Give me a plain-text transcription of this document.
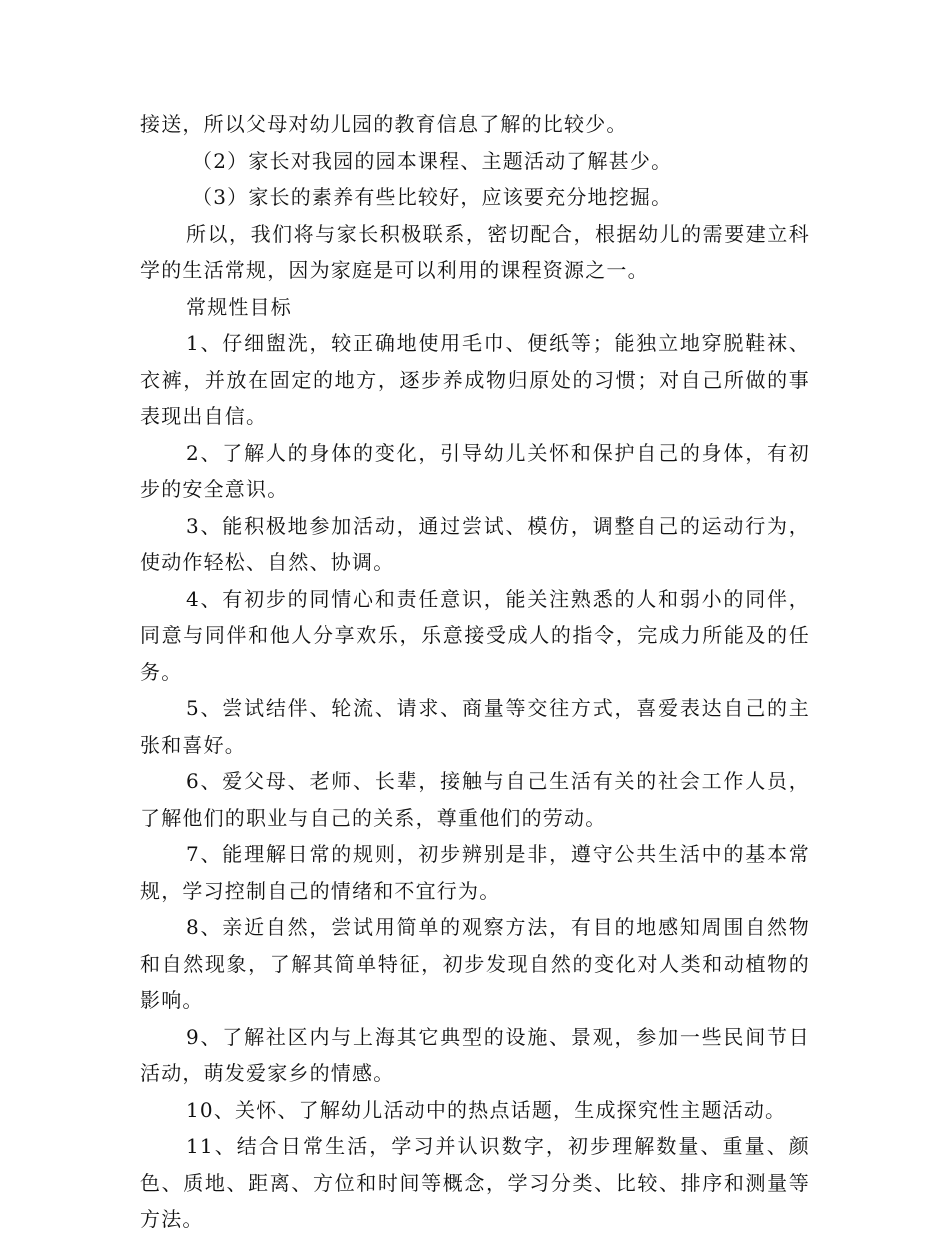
接送，所以父母对幼儿园的教育信息了解的比较少。

（2）家长对我园的园本课程、主题活动了解甚少。

（3）家长的素养有些比较好，应该要充分地挖掘。

所以，我们将与家长积极联系，密切配合，根据幼儿的需要建立科学的生活常规，因为家庭是可以利用的课程资源之一。

常规性目标

1、仔细盥洗，较正确地使用毛巾、便纸等；能独立地穿脱鞋袜、衣裤，并放在固定的地方，逐步养成物归原处的习惯；对自己所做的事表现出自信。

2、了解人的身体的变化，引导幼儿关怀和保护自己的身体，有初步的安全意识。

3、能积极地参加活动，通过尝试、模仿，调整自己的运动行为，使动作轻松、自然、协调。

4、有初步的同情心和责任意识，能关注熟悉的人和弱小的同伴，同意与同伴和他人分享欢乐，乐意接受成人的指令，完成力所能及的任务。

5、尝试结伴、轮流、请求、商量等交往方式，喜爱表达自己的主张和喜好。

6、爱父母、老师、长辈，接触与自己生活有关的社会工作人员，了解他们的职业与自己的关系，尊重他们的劳动。

7、能理解日常的规则，初步辨别是非，遵守公共生活中的基本常规，学习控制自己的情绪和不宜行为。

8、亲近自然，尝试用简单的观察方法，有目的地感知周围自然物和自然现象，了解其简单特征，初步发现自然的变化对人类和动植物的影响。

9、了解社区内与上海其它典型的设施、景观，参加一些民间节日活动，萌发爱家乡的情感。

10、关怀、了解幼儿活动中的热点话题，生成探究性主题活动。

11、结合日常生活，学习并认识数字，初步理解数量、重量、颜色、质地、距离、方位和时间等概念，学习分类、比较、排序和测量等方法。
